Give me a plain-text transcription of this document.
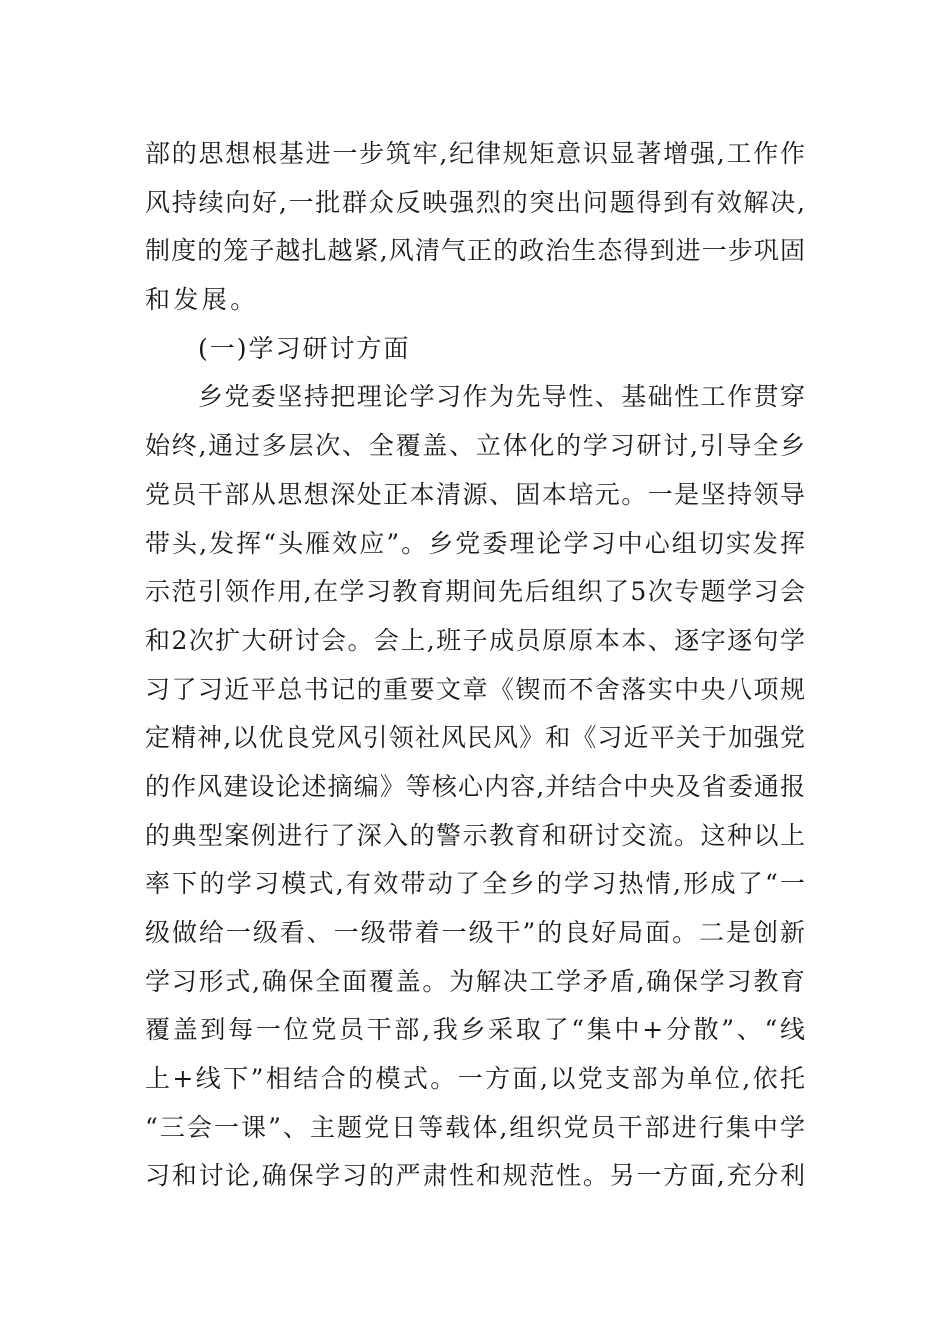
部的思想根基进一步筑牢,纪律规矩意识显著增强,工作作
风持续向好,一批群众反映强烈的突出问题得到有效解决,
制度的笼子越扎越紧,风清气正的政治生态得到进一步巩固
和发展。
(一)学习研讨方面
乡党委坚持把理论学习作为先导性、基础性工作贯穿
始终,通过多层次、全覆盖、立体化的学习研讨,引导全乡
党员干部从思想深处正本清源、固本培元。一是坚持领导
带头,发挥“头雁效应”。乡党委理论学习中心组切实发挥
示范引领作用,在学习教育期间先后组织了5次专题学习会
和2次扩大研讨会。会上,班子成员原原本本、逐字逐句学
习了习近平总书记的重要文章《锲而不舍落实中央八项规
定精神,以优良党风引领社风民风》和《习近平关于加强党
的作风建设论述摘编》等核心内容,并结合中央及省委通报
的典型案例进行了深入的警示教育和研讨交流。这种以上
率下的学习模式,有效带动了全乡的学习热情,形成了“一
级做给一级看、一级带着一级干”的良好局面。二是创新
学习形式,确保全面覆盖。为解决工学矛盾,确保学习教育
覆盖到每一位党员干部,我乡采取了“集中+分散”、“线
上+线下”相结合的模式。一方面,以党支部为单位,依托
“三会一课”、主题党日等载体,组织党员干部进行集中学
习和讨论,确保学习的严肃性和规范性。另一方面,充分利
